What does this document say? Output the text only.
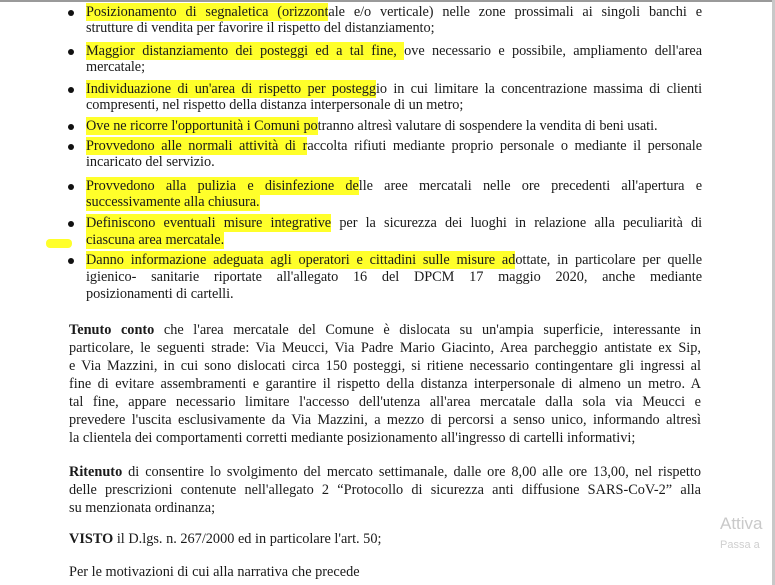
Posizionamento di segnaletica (orizzontale e/o verticale) nelle zone prossimali ai singoli banchi e
strutture di vendita per favorire il rispetto del distanziamento;
Maggior distanziamento dei posteggi ed a tal fine, ove necessario e possibile, ampliamento dell'area
mercatale;
Individuazione di un'area di rispetto per posteggio in cui limitare la concentrazione massima di clienti
compresenti, nel rispetto della distanza interpersonale di un metro;
Ove ne ricorre l'opportunità i Comuni potranno altresì valutare di sospendere la vendita di beni usati.
Provvedono alle normali attività di raccolta rifiuti mediante proprio personale o mediante il personale
incaricato del servizio.
Provvedono alla pulizia e disinfezione delle aree mercatali nelle ore precedenti all'apertura e
successivamente alla chiusura.
Definiscono eventuali misure integrative per la sicurezza dei luoghi in relazione alla peculiarità di
ciascuna area mercatale.
Danno informazione adeguata agli operatori e cittadini sulle misure adottate, in particolare per quelle
igienico- sanitarie riportate all'allegato 16 del DPCM 17 maggio 2020, anche mediante
posizionamenti di cartelli.
Tenuto conto che l'area mercatale del Comune è dislocata su un'ampia superficie, interessante in
particolare, le seguenti strade: Via Meucci, Via Padre Mario Giacinto, Area parcheggio antistate ex Sip,
e Via Mazzini, in cui sono dislocati circa 150 posteggi, si ritiene necessario contingentare gli ingressi al
fine di evitare assembramenti e garantire il rispetto della distanza interpersonale di almeno un metro. A
tal fine, appare necessario limitare l'accesso dell'utenza all'area mercatale dalla sola via Meucci e
prevedere l'uscita esclusivamente da Via Mazzini, a mezzo di percorsi a senso unico, informando altresì
la clientela dei comportamenti corretti mediante posizionamento all'ingresso di cartelli informativi;
Ritenuto di consentire lo svolgimento del mercato settimanale, dalle ore 8,00 alle ore 13,00, nel rispetto
delle prescrizioni contenute nell'allegato 2 “Protocollo di sicurezza anti diffusione SARS-CoV-2” alla
su menzionata ordinanza;
VISTO il D.lgs. n. 267/2000 ed in particolare l'art. 50;
Per le motivazioni di cui alla narrativa che precede
Attiva
Passa a
